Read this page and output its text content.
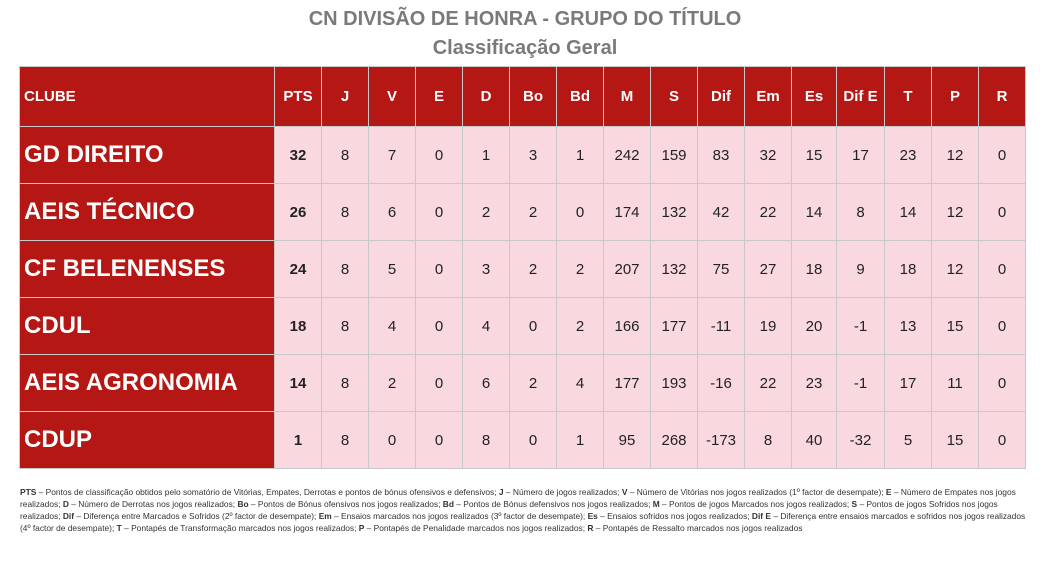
CN DIVISÃO DE HONRA - GRUPO DO TÍTULO
Classificação Geral
CLUBE	PTS	J	V	E	D	Bo	Bd	M	S	Dif	Em	Es	Dif E	T	P	R
GD DIREITO	32	8	7	0	1	3	1	242	159	83	32	15	17	23	12	0
AEIS TÉCNICO	26	8	6	0	2	2	0	174	132	42	22	14	8	14	12	0
CF BELENENSES	24	8	5	0	3	2	2	207	132	75	27	18	9	18	12	0
CDUL	18	8	4	0	4	0	2	166	177	-11	19	20	-1	13	15	0
AEIS AGRONOMIA	14	8	2	0	6	2	4	177	193	-16	22	23	-1	17	11	0
CDUP	1	8	0	0	8	0	1	95	268	-173	8	40	-32	5	15	0
PTS – Pontos de classificação obtidos pelo somatório de Vitórias, Empates, Derrotas e pontos de bónus ofensivos e defensivos; J – Número de jogos realizados; V – Número de Vitórias nos jogos realizados (1º factor de desempate); E – Número de Empates nos jogos realizados; D – Número de Derrotas nos jogos realizados; Bo – Pontos de Bónus ofensivos nos jogos realizados; Bd – Pontos de Bónus defensivos nos jogos realizados; M – Pontos de jogos Marcados nos jogos realizados; S – Pontos de jogos Sofridos nos jogos realizados; Dif – Diferença entre Marcados e Sofridos (2º factor de desempate); Em – Ensaios marcados nos jogos realizados (3º factor de desempate); Es – Ensaios sofridos nos jogos realizados; Dif E – Diferença entre ensaios marcados e sofridos nos jogos realizados (4º factor de desempate); T – Pontapés de Transformação marcados nos jogos realizados; P – Pontapés de Penalidade marcados nos jogos realizados; R – Pontapés de Ressalto marcados nos jogos realizados
